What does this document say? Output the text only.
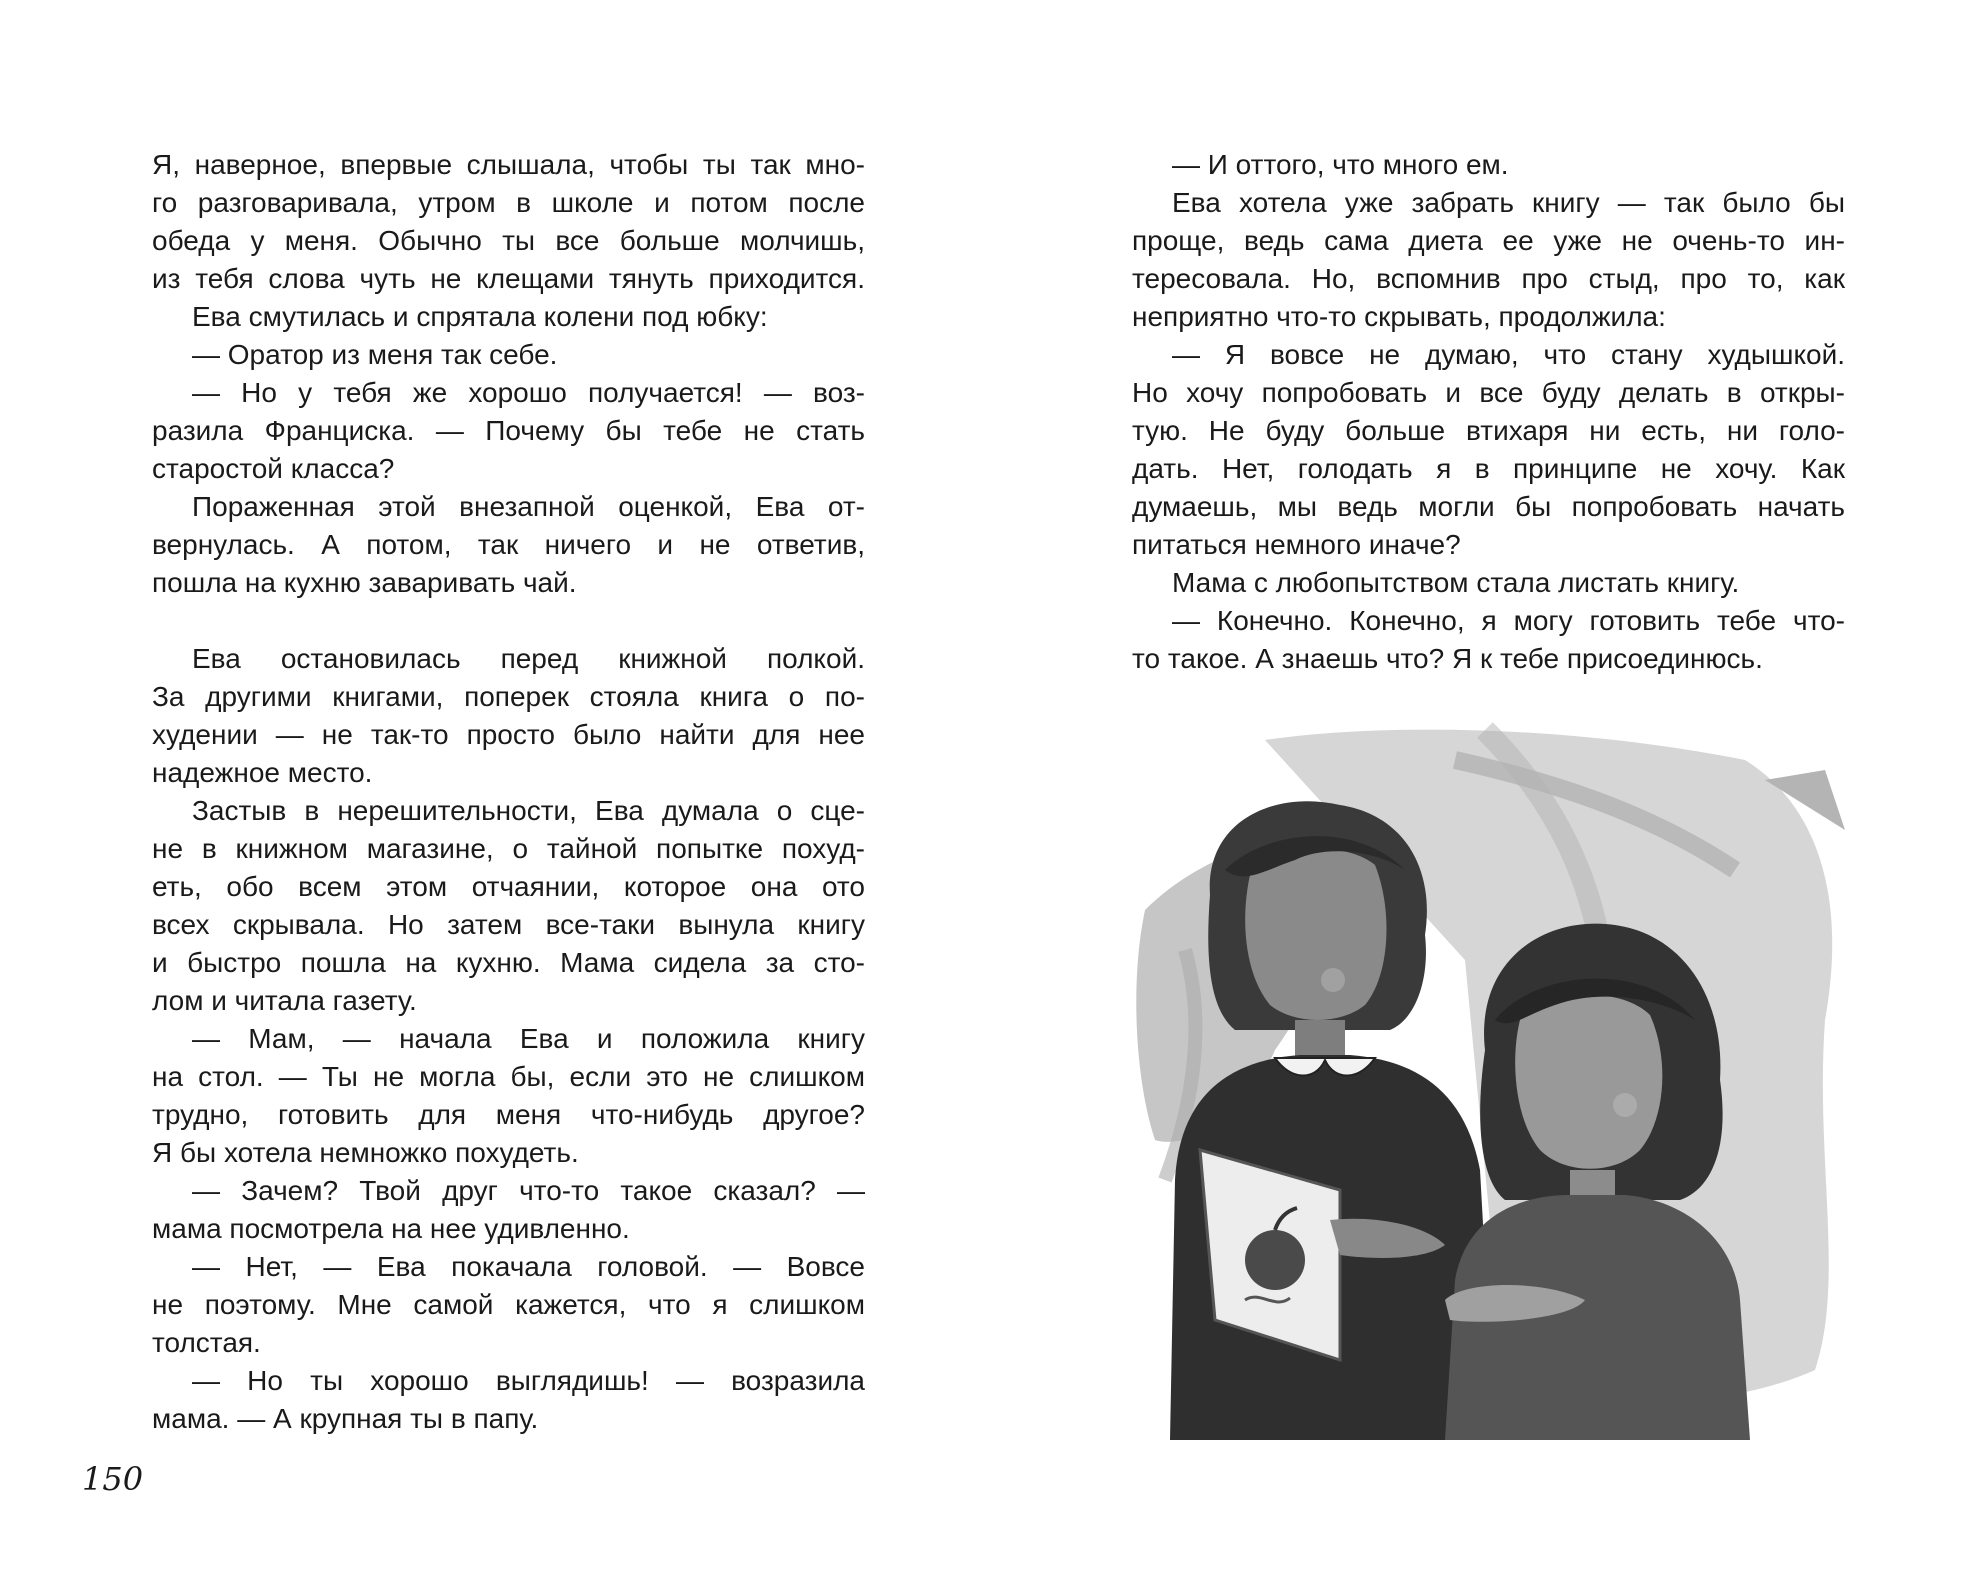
Я, наверное, впервые слышала, чтобы ты так мно-
го разговаривала, утром в школе и потом после
обеда у меня. Обычно ты все больше молчишь,
из тебя слова чуть не клещами тянуть приходится.
Ева смутилась и спрятала колени под юбку:
— Оратор из меня так себе.
— Но у тебя же хорошо получается! — воз-
разила Франциска. — Почему бы тебе не стать
старостой класса?
Пораженная этой внезапной оценкой, Ева от-
вернулась. А потом, так ничего и не ответив,
пошла на кухню заваривать чай.
Ева остановилась перед книжной полкой.
За другими книгами, поперек стояла книга о по-
худении — не так-то просто было найти для нее
надежное место.
Застыв в нерешительности, Ева думала о сце-
не в книжном магазине, о тайной попытке похуд-
еть, обо всем этом отчаянии, которое она ото
всех скрывала. Но затем все-таки вынула книгу
и быстро пошла на кухню. Мама сидела за сто-
лом и читала газету.
— Мам, — начала Ева и положила книгу
на стол. — Ты не могла бы, если это не слишком
трудно, готовить для меня что-нибудь другое?
Я бы хотела немножко похудеть.
— Зачем? Твой друг что-то такое сказал? —
мама посмотрела на нее удивленно.
— Нет, — Ева покачала головой. — Вовсе
не поэтому. Мне самой кажется, что я слишком
толстая.
— Но ты хорошо выглядишь! — возразила
мама. — А крупная ты в папу.
150
— И оттого, что много ем.
Ева хотела уже забрать книгу — так было бы
проще, ведь сама диета ее уже не очень-то ин-
тересовала. Но, вспомнив про стыд, про то, как
неприятно что-то скрывать, продолжила:
— Я вовсе не думаю, что стану худышкой.
Но хочу попробовать и все буду делать в откры-
тую. Не буду больше втихаря ни есть, ни голо-
дать. Нет, голодать я в принципе не хочу. Как
думаешь, мы ведь могли бы попробовать начать
питаться немного иначе?
Мама с любопытством стала листать книгу.
— Конечно. Конечно, я могу готовить тебе что-
то такое. А знаешь что? Я к тебе присоединюсь.
